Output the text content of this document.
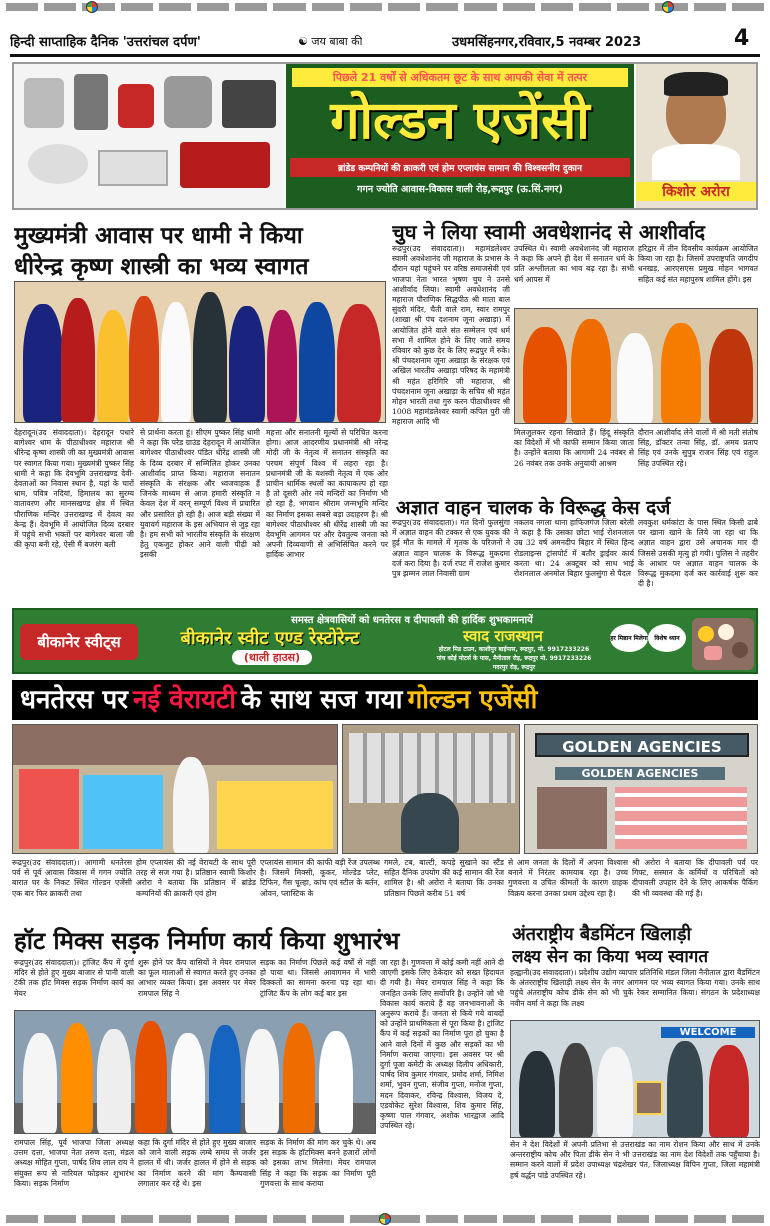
हिन्दी साप्ताहिक दैनिक 'उत्तरांचल दर्पण'	☯ जय बाबा की	उधमसिंहनगर,रविवार,5 नवम्बर 2023	4
पिछले 21 वर्षों से अधिकतम छूट के साथ आपकी सेवा में तत्पर
गोल्डन एजेंसी
ब्रांडेड कम्पनियों की क्राकरी एवं होम एप्लायंस सामान की विश्वसनीय दुकान
गगन ज्योति आवास-विकास वाली रोड़,रूद्रपुर (ऊ.सिं.नगर)	किशोर अरोरा
मुख्यमंत्री आवास पर धामी ने किया
धीरेन्द्र कृष्ण शास्त्री का भव्य स्वागत
देहरादून(उद संवाददाता)। देहरादून पधारे बागेश्वर धाम के पीठाधीश्वर महाराज श्री धीरेन्द्र कृष्ण शास्त्री जी का मुख्यमंत्री आवास पर स्वागत किया गया। मुख्यमंत्री पुष्कर सिंह धामी ने कहा कि देवभूमि उत्तराखण्ड देवी-देवताओं का निवास स्थान है, यहां के चारों धाम, पवित्र नदियां, हिमालय का सुरम्य वातावरण और मानसखण्ड क्षेत्र में स्थित पौराणिक मन्दिर उत्तराखण्ड में देवत्व का केन्द्र हैं। देवभूमि में आयोजित दिव्य दरबार में पहुंचे सभी भक्तों पर बागेश्वर बाला जी की कृपा बनी रहे, ऐसी मैं बजरंग बली
से प्रार्थना करता हूं। सीएम पुष्कर सिंह धामी ने कहा कि परेड ग्राउंड देहरादून में आयोजित बागेश्वर पीठाधीश्वर पंडित धीरेंद्र शास्त्री जी के दिव्य दरबार में सम्मिलित होकर उनका आशीर्वाद प्राप्त किया। महाराज सनातन संस्कृति के संरक्षक और ध्वजवाहक हैं जिनके माध्यम से आज हमारी संस्कृति न केवल देश में वरन् सम्पूर्ण विश्व में प्रचारित और प्रसारित हो रही है। आज बड़ी संख्या में युवावर्ग महाराज के इस अभियान से जुड़ रहा है। हम सभी को भारतीय संस्कृति के संरक्षण हेतु एकजुट होकर आने वाली पीढ़ी को इसकी
महत्ता और सनातनी मूल्यों से परिचित करना होगा। आज आदरणीय प्रधानमंत्री श्री नरेन्द्र मोदी जी के नेतृत्व में सनातन संस्कृति का परचम संपूर्ण विश्व में लहरा रहा है। प्रधानमंत्री जी के यशस्वी नेतृत्व में एक ओर प्राचीन धार्मिक स्थलों का कायाकल्प हो रहा है तो दूसरी ओर नये मन्दिरों का निर्माण भी हो रहा है, भगवान श्रीराम जन्मभूमि मन्दिर का निर्माण इसका सबसे बड़ा उदाहरण है। श्री बागेश्वर पीठाधीश्वर श्री धीरेंद्र शास्त्री जी का देवभूमि आगमन पर और देवतुल्य जनता को अपनी दिव्यवाणी से अभिसिंचित करने पर हार्दिक आभार
चुघ ने लिया स्वामी अवधेशानंद से आशीर्वाद
रूद्रपुर(उद संवाददाता)। महामंडलेश्वर स्वामी अवधेशानंद जी महाराज के प्रभास के दौरान यहां पहुंचने पर वरिष्ठ समाजसेवी एवं भाजपा नेता भारत भूषण चुघ ने उनसे आशीर्वाद लिया। स्वामी अवधेशानंद जी महाराज पौराणिक सिद्धपीठ श्री माता बाल सुंदरी मंदिर, चैती वाले राम, स्वार रामपुर (शाखा श्री पंच दशनाम जूना अखाड़ा) में आयोजित होने वाले संत सम्मेलन एवं धर्म सभा में शामिल होने के लिए जाते समय रविवार को कुछ देर के लिए रूद्रपुर में रुके। श्री पंचदशनाम जूना अखाड़ा के संरक्षक एवं अखिल भारतीय अखाड़ा परिषद के महामंत्री श्री महंत हरिगिरि जी महाराज, श्री पंचदशनाम जूना अखाड़ा के सचिव श्री महंत मोहन भारती तथा गुरु करन पीठाधीश्वर श्री 1008 महामंडलेश्वर स्वामी कपिल पुरी जी महाराज आदि भी
उपस्थित थे। स्वामी अवधेशानंद जी महाराज ने कहा कि अपने ही देश में सनातन धर्म के प्रति अश्लीलता का भाव बढ़ रहा है। सभी धर्म आपस में
हरिद्वार में तीन दिवसीय कार्यक्रम आयोजित किया जा रहा है। जिसमें उपराष्ट्रपति जगदीप धनखड़, आरएसएस प्रमुख मोहन भागवत सहित कई संत महापुरुष शामिल होंगे। इस
मिलजुलकर रहना सिखाते हैं। हिंदू संस्कृति का विदेशों में भी काफी सम्मान किया जाता है। उन्होंने बताया कि आगामी 24 नवंबर से 26 नवंबर तक उनके अनुयायी आश्रम
दौरान आशीर्वाद लेने वालों में श्री मती संतोष सिंह, डॉक्टर तन्या सिंह, डॉ. अमय प्रताप सिंह एवं उनके सुपुत्र राजन सिंह एवं राहुल सिंह उपस्थित रहे।
अज्ञात वाहन चालक के विरूद्ध केस दर्ज
रूद्रपुर(उद संवाददाता)। गत दिनों फुलसुंगा में अज्ञात वाहन की टक्कर से एक युवक की हुई मौत के मामले में मृतक के परिजनों ने अज्ञात वाहन चालक के विरूद्ध मुकदमा दर्ज करा दिया है। दर्ज रपट में राजेश कुमार पुत्र झम्मन लाल निवासी ग्राम
नकलव नगला थाना हाफिजगंज जिला बरेली ने कहा है कि उसका छोटा भाई रोशनलाल उम्र 32 वर्ष अमनदीप बिहार में स्थित हिन्द रोडलाइन्स ट्रांसपोर्ट में बतौर ड्राईवर कार्य करता था। 24 अक्टूबर को साथ भाई रोशनलाल अनमोल बिहार फुलसुंगा से पैदल
लवकुश धर्मकांटा के पास स्थित किसी ढाबे पर खाना खाने के लिये जा रहा था कि अज्ञात वाहन द्वारा उसे अचानक मार दी जिससे उसकी मृत्यु हो गयी। पुलिस ने तहरीर के आधार पर अज्ञात वाहन चालक के विरूद्ध मुकदमा दर्ज कर कार्रवाई शुरू कर दी है।
समस्त क्षेत्रवासियों को धनतेरस व दीपावली की हार्दिक शुभकामनायें
बीकानेर स्वीट्स	बीकानेर स्वीट एण्ड रेस्टोरेन्ट
(थाली हाउस)
स्वाद राजस्थान
होटल मिड टाउन, काशीपुर बाईपास, रूद्रपुर, मो. 9917233226
पांच कोई मोटर्स के पास, मैनीताल रोड़, रूद्रपुर मो. 9917233226
गदरपुर रोड़, रूद्रपुर
हर मिष्ठान मिलेगा	विशेष ध्यान
धनतेरस पर नई वेरायटी के साथ सज गया गोल्डन एजेंसी
GOLDEN AGENCIES
GOLDEN AGENCIES
रूद्रपुर(उद संवाददाता)। आगामी धनतेरस पर्व से पूर्व आवास विकास में गगन ज्योति बारात घर के निकट स्थित गोल्डन एजेंसी एक बार फिर क्राकरी तथा
होम एप्लायंस की नई वेरायटी के साथ पूरी तरह से सज गया है। प्रतिष्ठान स्वामी किशोर अरोरा ने बताया कि प्रतिष्ठान में ब्रांडेड कम्पनियों की क्राकरी एवं होम
एप्लायंस सामान की काफी बड़ी रेंज उपलब्ध है। जिसमें मिक्सी, कूकर, मोल्डेड प्लेट, टिफिन, गैस चूल्हा, कांच एवं स्टील के बर्तन, ओवन, प्लास्टिक के
गमले, टब, बाल्टी, कपड़े सुखाने का स्टैंड सहित दैनिक उपयोग की कई सामान की रेंज शामिल है। श्री अरोरा ने बताया कि उनका प्रतिष्ठान पिछले करीब 51 वर्ष
से आम जनता के दिलों में अपना विश्वास बनाने में निरंतर कामयाब रहा है। उच्च गुणवत्ता व उचित कीमतों के कारण ग्राहक विक्रय करना उनका प्रथम उद्देश्य रहा है।
श्री अरोरा ने बताया कि दीपावली पर्व पर गिफ्ट, सस्मान के कर्मियों व परिचितों को दीपावली उपहार देने के लिए आकर्षक पैकिंग की भी व्यवस्था की गई है।
हॉट मिक्स सड़क निर्माण कार्य किया शुभारंभ
रूद्रपुर(उद संवाददाता)। ट्रांजिट कैंप में दुर्गा मंदिर से होते हुए मुख्य बाजार से पानी वाली टंकी तक हॉट मिक्स सड़क निर्माण कार्य का मेयर
शुरू होने पर कैंप वासियों ने मेयर रामपाल का फूल मालाओं से स्वागत करते हुए उनका आभार व्यक्त किया। इस अवसर पर मेयर रामपाल सिंह ने
सड़क का निर्माण पिछले कई वर्षों से नहीं हो पाया था। जिससे आवागमन में भारी दिक्कतों का सामना करना पड़ रहा था। ट्रांजिट कैंप के लोग कई बार इस
जा रहा है। गुणवत्ता में कोई कमी नहीं आने दी जाएगी इसके लिए ठेकेदार को सख्त हिदायत दी गयी है। मेयर रामपाल सिंह ने कहा कि जनहित उनके लिए सर्वोपरि है। उन्होंने जो भी विकास कार्य कराये हैं वह जनभावनाओं के अनुरूप कराये हैं। जनता से किये गये वायदों को उन्होंने प्राथमिकता से पूरा किया है। ट्रांजिट कैंप में कई सड़कों का निर्माण पूरा हो चुका है आने वाले दिनों में कुछ और सड़कों का भी निर्माण कराया जाएगा। इस अवसर पर श्री दुर्गा पूजा कमेटी के अध्यक्ष दिलीप अधिकारी, पार्षद शिव कुमार गंगवार, प्रमोद शर्मा, निमिश शर्मा, भुवन गुप्ता, संजीव गुप्ता, मनोज गुप्ता, मदन दिवाकर, रविन्द्र विश्वास, विजय दे, एडवोकेट सुरेश विश्वास, शिव कुमार सिंह, कृष्णा पाल गंगवार, अशोक भारद्वाज आदि उपस्थित रहे।
रामपाल सिंह, पूर्व भाजपा जिला अध्यक्ष उत्तम दत्ता, भाजपा नेता तरुण दत्ता, मंडल अध्यक्ष मोहित गुप्ता, पार्षद शिव लाल राय ने संयुक्त रूप से नारियल फोड़कर शुभारंभ किया। सड़क निर्माण
कहा कि दुर्गा मंदिर से होते हुए मुख्य बाजार को जाने वाली सड़क लम्बे समय से जर्जर हालत में थी। जर्जर हालत में होने से सड़क का निर्माण करने की मांग कैम्पवासी लगातार कर रहे थे। इस
सड़क के निर्माण की मांग कर चुके थे। अब इस सड़क के हॉटमिक्स बनने हजारों लोगों को इसका लाभ मिलेगा। मेयर रामपाल सिंह ने कहा कि सड़क का निर्माण पूरी गुणवत्ता के साथ कराया
अंतराष्ट्रीय बैडमिंटन खिलाड़ी
लक्ष्य सेन का किया भव्य स्वागत
हल्द्वानी(उद संवाददाता)। प्रदेशीय उद्योग व्यापार प्रतिनिधि मंडल जिला नैनीताल द्वारा बैडमिंटन के अंतरराष्ट्रीय खिलाड़ी लक्ष्य सेन के नगर आगमन पर भव्य स्वागत किया गया। उनके साथ पहुंचे अंतराष्ट्रीय कोच डीके सेन को भी चुके रेकर सम्मानित किया। संगठन के प्रदेशाध्यक्ष नवीन वर्मा ने कहा कि लक्ष्य
WELCOME
सेन ने देश विदेशों में अपनी प्रतिभा से उत्तराखंड का नाम रोशन किया और साथ में उनके अन्तरराष्ट्रीय कोच और पिता डीके सेन ने भी उत्तराखंड का नाम देश विदेशों तक पहुँचाया है। सम्मान करने वालों में प्रदेश उपाध्यक्ष चंद्रशेखर पंत, जिलाध्यक्ष विपिन गुप्ता, जिला महामंत्री हर्ष वर्द्धन पांडे उपस्थित रहे।
